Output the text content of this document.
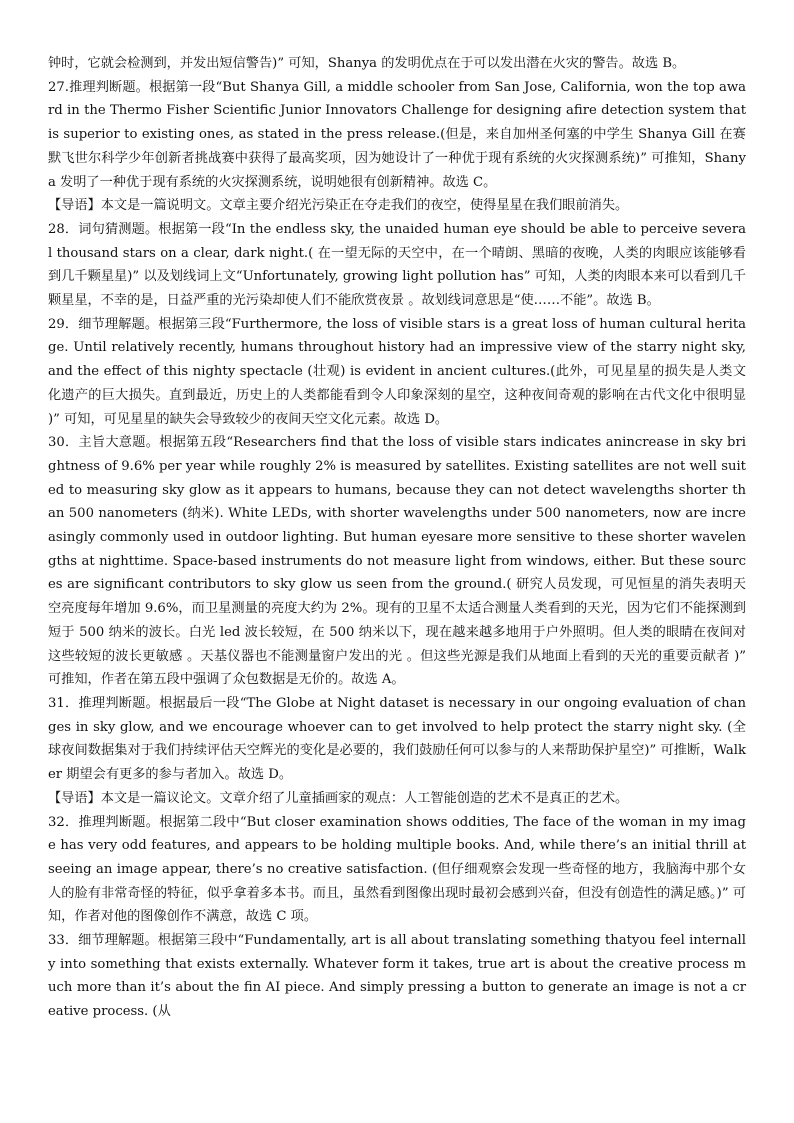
钟时，它就会检测到，并发出短信警告)” 可知，Shanya 的发明优点在于可以发出潜在火灾的警告。故选 B。

27.推理判断题。根据第一段“But Shanya Gill, a middle schooler from San Jose, California, won the top award in the Thermo Fisher Scientific Junior Innovators Challenge for designing afire detection system that is superior to existing ones, as stated in the press release.(但是，来自加州圣何塞的中学生 Shanya Gill 在赛默飞世尔科学少年创新者挑战赛中获得了最高奖项，因为她设计了一种优于现有系统的火灾探测系统)” 可推知，Shanya 发明了一种优于现有系统的火灾探测系统，说明她很有创新精神。故选 C。

【导语】本文是一篇说明文。文章主要介绍光污染正在夺走我们的夜空，使得星星在我们眼前消失。

28．词句猜测题。根据第一段“In the endless sky, the unaided human eye should be able to perceive several thousand stars on a clear, dark night.( 在一望无际的天空中，在一个晴朗、黑暗的夜晚，人类的肉眼应该能够看到几千颗星星)” 以及划线词上文“Unfortunately, growing light pollution has” 可知，人类的肉眼本来可以看到几千颗星星，不幸的是，日益严重的光污染却使人们不能欣赏夜景 。故划线词意思是“使……不能”。故选 B。

29．细节理解题。根据第三段“Furthermore, the loss of visible stars is a great loss of human cultural heritage. Until relatively recently, humans throughout history had an impressive view of the starry night sky, and the effect of this nighty spectacle (壮观) is evident in ancient cultures.(此外，可见星星的损失是人类文化遗产的巨大损失。直到最近，历史上的人类都能看到令人印象深刻的星空，这种夜间奇观的影响在古代文化中很明显 )” 可知，可见星星的缺失会导致较少的夜间天空文化元素。故选 D。

30．主旨大意题。根据第五段“Researchers find that the loss of visible stars indicates anincrease in sky brightness of 9.6% per year while roughly 2% is measured by satellites. Existing satellites are not well suited to measuring sky glow as it appears to humans, because they can not detect wavelengths shorter than 500 nanometers (纳米). White LEDs, with shorter wavelengths under 500 nanometers, now are increasingly commonly used in outdoor lighting. But human eyesare more sensitive to these shorter wavelengths at nighttime. Space-based instruments do not measure light from windows, either. But these sources are significant contributors to sky glow us seen from the ground.( 研究人员发现，可见恒星的消失表明天空亮度每年增加 9.6%，而卫星测量的亮度大约为 2%。现有的卫星不太适合测量人类看到的天光，因为它们不能探测到短于 500 纳米的波长。白光 led 波长较短，在 500 纳米以下，现在越来越多地用于户外照明。但人类的眼睛在夜间对这些较短的波长更敏感 。天基仪器也不能测量窗户发出的光 。但这些光源是我们从地面上看到的天光的重要贡献者 )” 可推知，作者在第五段中强调了众包数据是无价的。故选 A。

31．推理判断题。根据最后一段“The Globe at Night dataset is necessary in our ongoing evaluation of changes in sky glow, and we encourage whoever can to get involved to help protect the starry night sky. (全球夜间数据集对于我们持续评估天空辉光的变化是必要的，我们鼓励任何可以参与的人来帮助保护星空)” 可推断，Walker 期望会有更多的参与者加入。故选 D。

【导语】本文是一篇议论文。文章介绍了儿童插画家的观点：人工智能创造的艺术不是真正的艺术。

32．推理判断题。根据第二段中“But closer examination shows oddities, The face of the woman in my image has very odd features, and appears to be holding multiple books. And, while there’s an initial thrill at seeing an image appear, there’s no creative satisfaction. (但仔细观察会发现一些奇怪的地方，我脑海中那个女人的脸有非常奇怪的特征，似乎拿着多本书。而且，虽然看到图像出现时最初会感到兴奋，但没有创造性的满足感。)” 可知，作者对他的图像创作不满意，故选 C 项。

33．细节理解题。根据第三段中“Fundamentally, art is all about translating something thatyou feel internally into something that exists externally. Whatever form it takes, true art is about the creative process much more than it’s about the fin AI piece. And simply pressing a button to generate an image is not a creative process. (从
